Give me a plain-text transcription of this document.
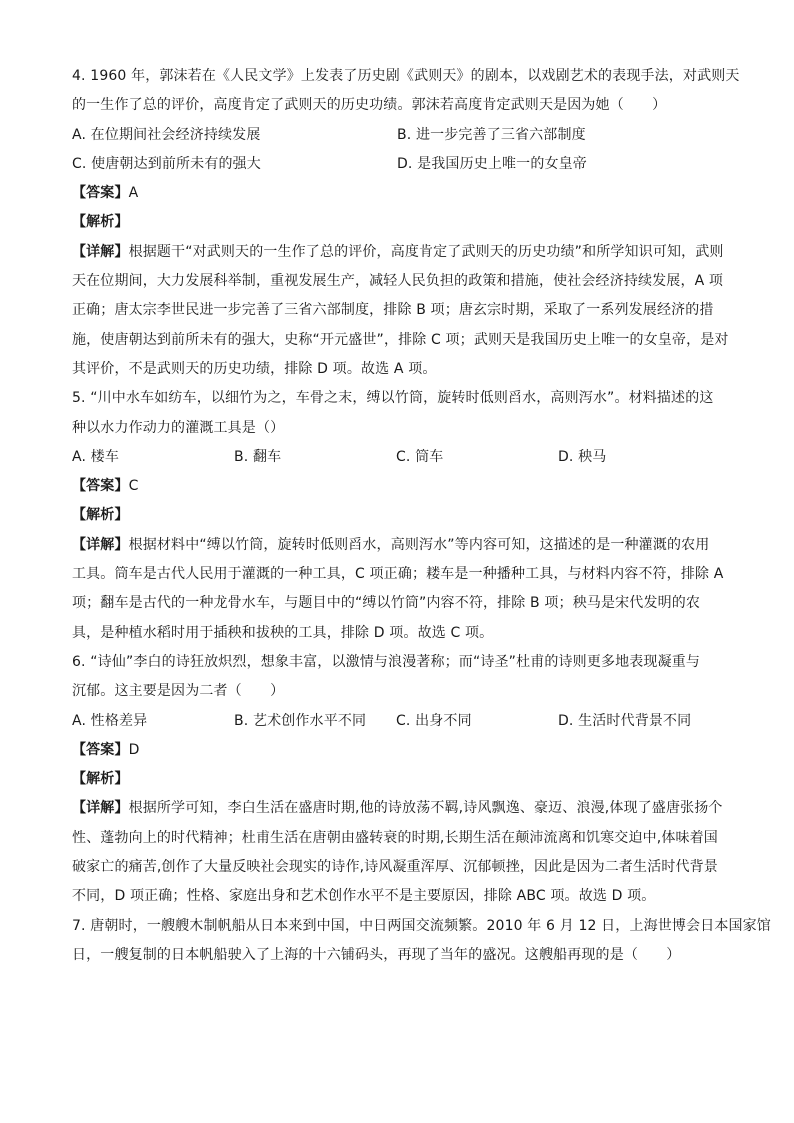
4. 1960 年，郭沫若在《人民文学》上发表了历史剧《武则天》的剧本，以戏剧艺术的表现手法，对武则天

的一生作了总的评价，高度肯定了武则天的历史功绩。郭沫若高度肯定武则天是因为她（　　）

A. 在位期间社会经济持续发展	B. 进一步完善了三省六部制度
C. 使唐朝达到前所未有的强大	D. 是我国历史上唯一的女皇帝

【答案】A

【解析】

【详解】根据题干“对武则天的一生作了总的评价，高度肯定了武则天的历史功绩”和所学知识可知，武则

天在位期间，大力发展科举制，重视发展生产，减轻人民负担的政策和措施，使社会经济持续发展，A 项

正确；唐太宗李世民进一步完善了三省六部制度，排除 B 项；唐玄宗时期，采取了一系列发展经济的措

施，使唐朝达到前所未有的强大，史称“开元盛世”，排除 C 项；武则天是我国历史上唯一的女皇帝，是对

其评价，不是武则天的历史功绩，排除 D 项。故选 A 项。

5. “川中水车如纺车，以细竹为之，车骨之末，缚以竹筒，旋转时低则舀水，高则泻水”。材料描述的这

种以水力作动力的灌溉工具是（）

A. 楼车	B. 翻车	C. 筒车	D. 秧马

【答案】C

【解析】

【详解】根据材料中“缚以竹筒，旋转时低则舀水，高则泻水”等内容可知，这描述的是一种灌溉的农用

工具。筒车是古代人民用于灌溉的一种工具，C 项正确；耧车是一种播种工具，与材料内容不符，排除 A

项；翻车是古代的一种龙骨水车，与题目中的“缚以竹筒”内容不符，排除 B 项；秧马是宋代发明的农

具，是种植水稻时用于插秧和拔秧的工具，排除 D 项。故选 C 项。

6. “诗仙”李白的诗狂放炽烈，想象丰富，以激情与浪漫著称；而“诗圣”杜甫的诗则更多地表现凝重与

沉郁。这主要是因为二者（　　）

A. 性格差异	B. 艺术创作水平不同	C. 出身不同	D. 生活时代背景不同

【答案】D

【解析】

【详解】根据所学可知，李白生活在盛唐时期,他的诗放荡不羁,诗风飘逸、豪迈、浪漫,体现了盛唐张扬个

性、蓬勃向上的时代精神；杜甫生活在唐朝由盛转衰的时期,长期生活在颠沛流离和饥寒交迫中,体味着国

破家亡的痛苦,创作了大量反映社会现实的诗作,诗风凝重浑厚、沉郁顿挫，因此是因为二者生活时代背景

不同，D 项正确；性格、家庭出身和艺术创作水平不是主要原因，排除 ABC 项。故选 D 项。

7. 唐朝时，一艘艘木制帆船从日本来到中国，中日两国交流频繁。2010 年 6 月 12 日，上海世博会日本国家馆

日，一艘复制的日本帆船驶入了上海的十六铺码头，再现了当年的盛况。这艘船再现的是（　　）
